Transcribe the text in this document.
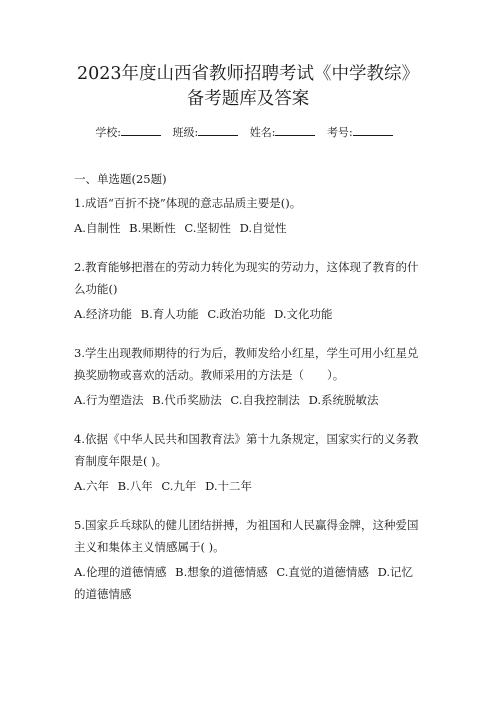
2023年度山西省教师招聘考试《中学教综》
备考题库及答案
学校:	班级:	姓名:	考号:
一、单选题(25题)

1.成语“百折不挠”体现的意志品质主要是()。

A.自制性 B.果断性 C.坚韧性 D.自觉性

2.教育能够把潜在的劳动力转化为现实的劳动力，这体现了教育的什么功能()

A.经济功能 B.育人功能 C.政治功能 D.文化功能

3.学生出现教师期待的行为后，教师发给小红星，学生可用小红星兑换奖励物或喜欢的活动。教师采用的方法是（　　）。

A.行为塑造法 B.代币奖励法 C.自我控制法 D.系统脱敏法

4.依据《中华人民共和国教育法》第十九条规定，国家实行的义务教育制度年限是( )。

A.六年 B.八年 C.九年 D.十二年

5.国家乒乓球队的健儿团结拼搏，为祖国和人民赢得金牌，这种爱国主义和集体主义情感属于( )。

A.伦理的道德情感 B.想象的道德情感 C.直觉的道德情感 D.记忆的道德情感
